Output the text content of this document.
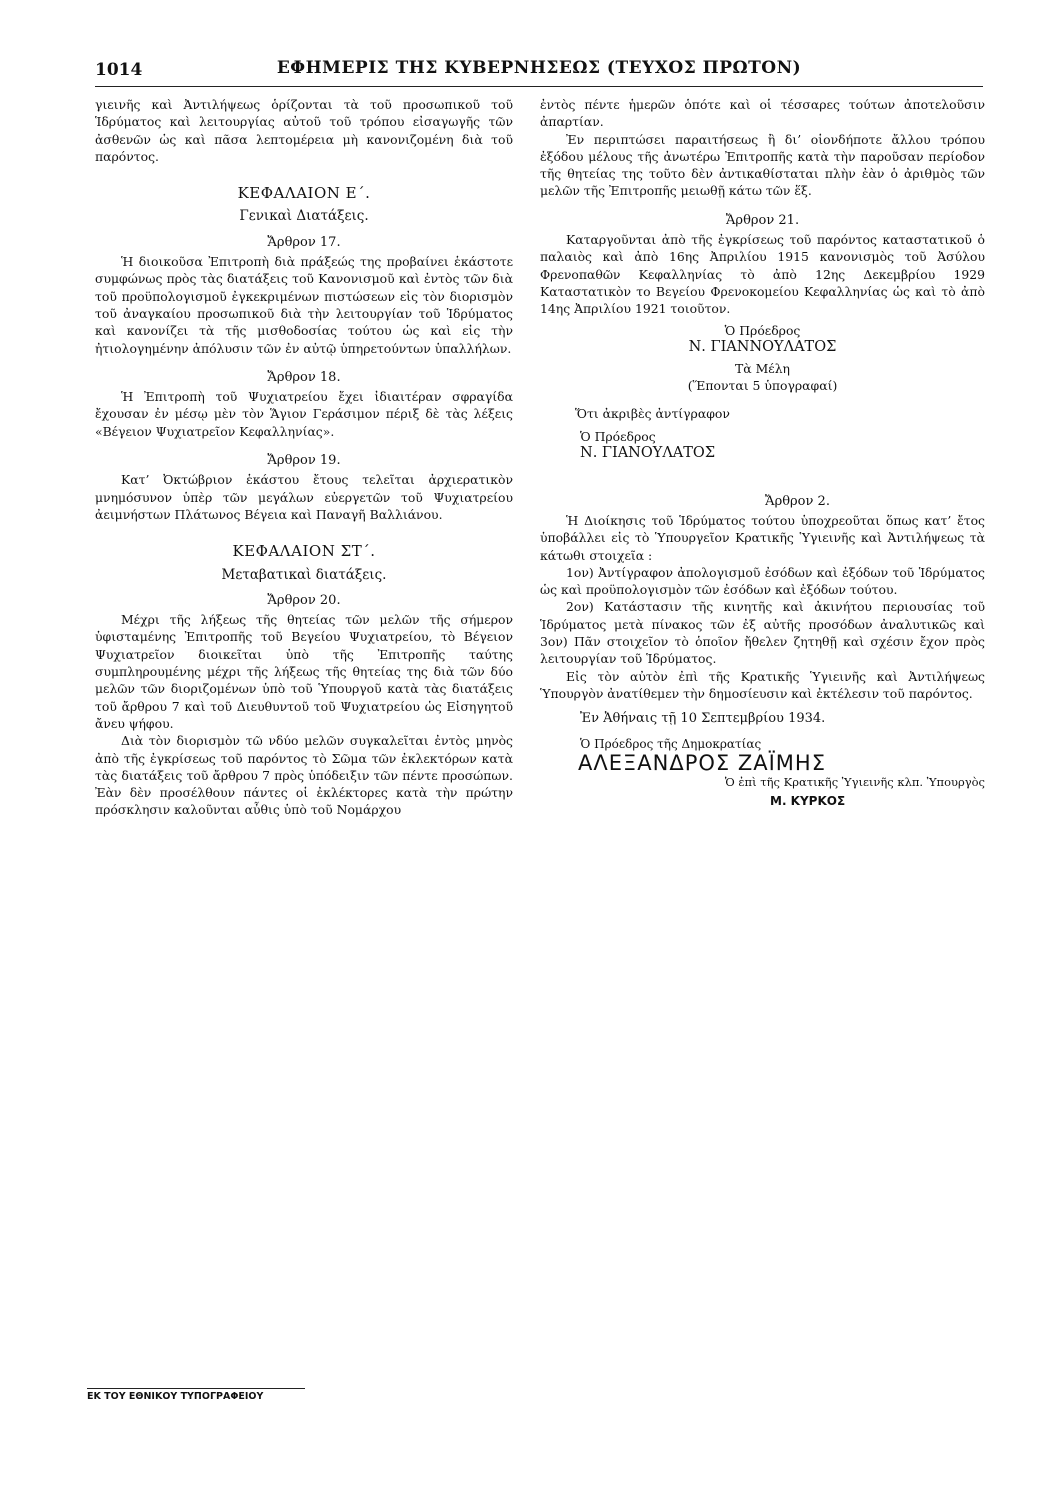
1014	ΕΦΗΜΕΡΙΣ ΤΗΣ ΚΥΒΕΡΝΗΣΕΩΣ (ΤΕΥΧΟΣ ΠΡΩΤΟΝ)

γιεινῆς καὶ Ἀντιλήψεως ὁρίζονται τὰ τοῦ προσωπικοῦ τοῦ Ἱδρύματος καὶ λειτουργίας αὐτοῦ τοῦ τρόπου εἰσαγωγῆς τῶν ἀσθενῶν ὡς καὶ πᾶσα λεπτομέρεια μὴ κανονιζομένη διὰ τοῦ παρόντος.

ΚΕΦΑΛΑΙΟΝ Ε΄.
Γενικαὶ Διατάξεις.
Ἄρθρον 17.

Ἡ διοικοῦσα Ἐπιτροπὴ διὰ πράξεώς της προβαίνει ἑκάστοτε συμφώνως πρὸς τὰς διατάξεις τοῦ Κανονισμοῦ καὶ ἐντὸς τῶν διὰ τοῦ προϋπολογισμοῦ ἐγκεκριμένων πιστώσεων εἰς τὸν διορισμὸν τοῦ ἀναγκαίου προσωπικοῦ διὰ τὴν λειτουργίαν τοῦ Ἱδρύματος καὶ κανονίζει τὰ τῆς μισθοδοσίας τούτου ὡς καὶ εἰς τὴν ἠτιολογημένην ἀπόλυσιν τῶν ἐν αὐτῷ ὑπηρετούντων ὑπαλλήλων.

Ἄρθρον 18.

Ἡ Ἐπιτροπὴ τοῦ Ψυχιατρείου ἔχει ἰδιαιτέραν σφραγίδα ἔχουσαν ἐν μέσῳ μὲν τὸν Ἅγιον Γεράσιμον πέριξ δὲ τὰς λέξεις «Βέγειον Ψυχιατρεῖον Κεφαλληνίας».

Ἄρθρον 19.

Κατ’ Ὀκτώβριον ἑκάστου ἔτους τελεῖται ἀρχιερατικὸν μνημόσυνον ὑπὲρ τῶν μεγάλων εὐεργετῶν τοῦ Ψυχιατρείου ἀειμνήστων Πλάτωνος Βέγεια καὶ Παναγῆ Βαλλιάνου.

ΚΕΦΑΛΑΙΟΝ ΣΤ΄.
Μεταβατικαὶ διατάξεις.
Ἄρθρον 20.

Μέχρι τῆς λήξεως τῆς θητείας τῶν μελῶν τῆς σήμερον ὑφισταμένης Ἐπιτροπῆς τοῦ Βεγείου Ψυχιατρείου, τὸ Βέγειον Ψυχιατρεῖον διοικεῖται ὑπὸ τῆς Ἐπιτροπῆς ταύτης συμπληρουμένης μέχρι τῆς λήξεως τῆς θητείας της διὰ τῶν δύο μελῶν τῶν διοριζομένων ὑπὸ τοῦ Ὑπουργοῦ κατὰ τὰς διατάξεις τοῦ ἄρθρου 7 καὶ τοῦ Διευθυντοῦ τοῦ Ψυχιατρείου ὡς Εἰσηγητοῦ ἄνευ ψήφου.

Διὰ τὸν διορισμὸν τῶ νδύο μελῶν συγκαλεῖται ἐντὸς μηνὸς ἀπὸ τῆς ἐγκρίσεως τοῦ παρόντος τὸ Σῶμα τῶν ἐκλεκτόρων κατὰ τὰς διατάξεις τοῦ ἄρθρου 7 πρὸς ὑπόδειξιν τῶν πέντε προσώπων. Ἐὰν δὲν προσέλθουν πάντες οἱ ἐκλέκτορες κατὰ τὴν πρώτην πρόσκλησιν καλοῦνται αὖθις ὑπὸ τοῦ Νομάρχου

ἐντὸς πέντε ἡμερῶν ὁπότε καὶ οἱ τέσσαρες τούτων ἀποτελοῦσιν ἀπαρτίαν.

Ἐν περιπτώσει παραιτήσεως ἢ δι’ οἱονδήποτε ἄλλου τρόπου ἐξόδου μέλους τῆς ἀνωτέρω Ἐπιτροπῆς κατὰ τὴν παροῦσαν περίοδον τῆς θητείας της τοῦτο δὲν ἀντικαθίσταται πλὴν ἐὰν ὁ ἀριθμὸς τῶν μελῶν τῆς Ἐπιτροπῆς μειωθῇ κάτω τῶν ἕξ.

Ἄρθρον 21.

Καταργοῦνται ἀπὸ τῆς ἐγκρίσεως τοῦ παρόντος καταστατικοῦ ὁ παλαιὸς καὶ ἀπὸ 16ης Ἀπριλίου 1915 κανονισμὸς τοῦ Ἀσύλου Φρενοπαθῶν Κεφαλληνίας τὸ ἀπὸ 12ης Δεκεμβρίου 1929 Καταστατικὸν το Βεγείου Φρενοκομείου Κεφαλληνίας ὡς καὶ τὸ ἀπὸ 14ης Ἀπριλίου 1921 τοιοῦτον.

Ὁ Πρόεδρος
Ν. ΓΙΑΝΝΟΥΛΑΤΟΣ
Τὰ Μέλη
(Ἕπονται 5 ὑπογραφαί)
Ὅτι ἀκριβὲς ἀντίγραφον
Ὁ Πρόεδρος
Ν. ΓΙΑΝΟΥΛΑΤΟΣ
Ἄρθρον 2.

Ἡ Διοίκησις τοῦ Ἱδρύματος τούτου ὑποχρεοῦται ὅπως κατ’ ἔτος ὑποβάλλει εἰς τὸ Ὑπουργεῖον Κρατικῆς Ὑγιεινῆς καὶ Ἀντιλήψεως τὰ κάτωθι στοιχεῖα :

1ον) Ἀντίγραφον ἀπολογισμοῦ ἐσόδων καὶ ἐξόδων τοῦ Ἱδρύματος ὡς καὶ προϋπολογισμὸν τῶν ἐσόδων καὶ ἐξόδων τούτου.

2ον) Κατάστασιν τῆς κινητῆς καὶ ἀκινήτου περιουσίας τοῦ Ἱδρύματος μετὰ πίνακος τῶν ἐξ αὐτῆς προσόδων ἀναλυτικῶς καὶ 3ον) Πᾶν στοιχεῖον τὸ ὁποῖον ἤθελεν ζητηθῇ καὶ σχέσιν ἔχον πρὸς λειτουργίαν τοῦ Ἱδρύματος.

Εἰς τὸν αὐτὸν ἐπὶ τῆς Κρατικῆς Ὑγιεινῆς καὶ Ἀντιλήψεως Ὑπουργὸν ἀνατίθεμεν τὴν δημοσίευσιν καὶ ἐκτέλεσιν τοῦ παρόντος.

Ἐν Ἀθήναις τῇ 10 Σεπτεμβρίου 1934.
Ὁ Πρόεδρος τῆς Δημοκρατίας
ΑΛΕΞΑΝΔΡΟΣ ΖΑΪΜΗΣ
Ὁ ἐπὶ τῆς Κρατικῆς Ὑγιεινῆς κλπ. Ὑπουργὸς
Μ. ΚΥΡΚΟΣ
ΕΚ ΤΟΥ ΕΘΝΙΚΟΥ ΤΥΠΟΓΡΑΦΕΙΟΥ
